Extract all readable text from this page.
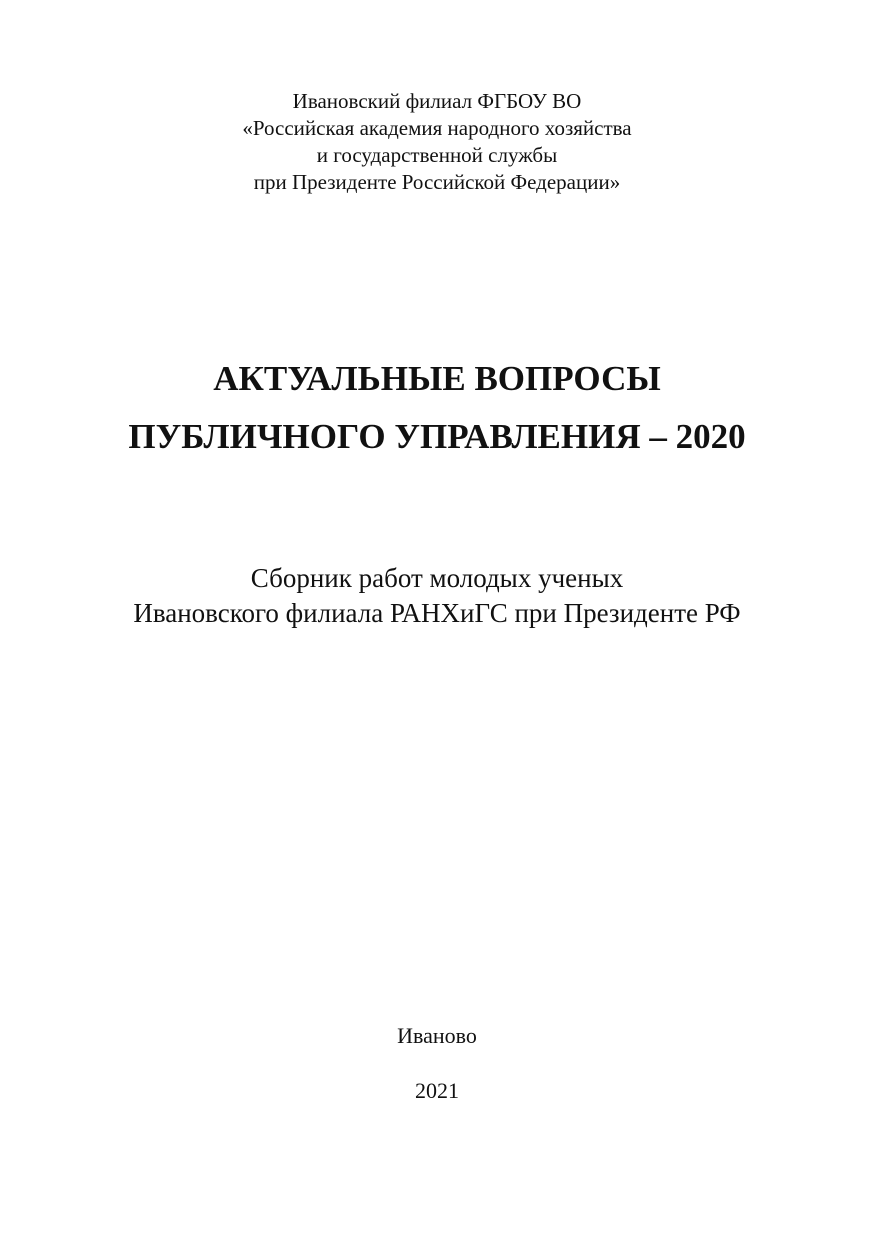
Ивановский филиал ФГБОУ ВО
«Российская академия народного хозяйства
и государственной службы
при Президенте Российской Федерации»
АКТУАЛЬНЫЕ ВОПРОСЫ
ПУБЛИЧНОГО УПРАВЛЕНИЯ – 2020
Сборник работ молодых ученых
Ивановского филиала РАНХиГС при Президенте РФ
Иваново
2021
